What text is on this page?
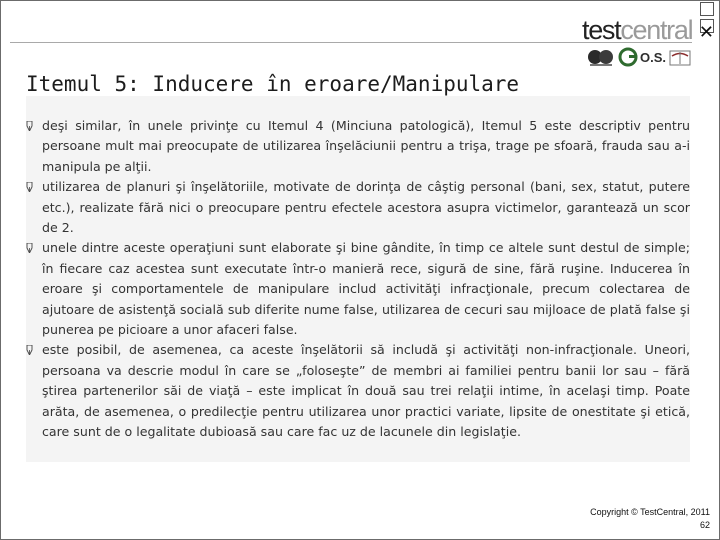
testcentral
O.S.
✕
Itemul 5: Inducere în eroare/Manipulare
deşi similar, în unele privinţe cu Itemul 4 (Minciuna patologică), Itemul 5 este descriptiv pentru persoane mult mai preocupate de utilizarea înşelăciunii pentru a trişa, trage pe sfoară, frauda sau a-i manipula pe alţii.
utilizarea de planuri şi înşelătoriile, motivate de dorinţa de câştig personal (bani, sex, statut, putere etc.), realizate fără nici o preocupare pentru efectele acestora asupra victimelor, garantează un scor de 2.
unele dintre aceste operaţiuni sunt elaborate şi bine gândite, în timp ce altele sunt destul de simple; în fiecare caz acestea sunt executate într-o manieră rece, sigură de sine, fără ruşine. Inducerea în eroare şi comportamentele de manipulare includ activităţi infracţionale, precum colectarea de ajutoare de asistenţă socială sub diferite nume false, utilizarea de cecuri sau mijloace de plată false şi punerea pe picioare a unor afaceri false.
este posibil, de asemenea, ca aceste înşelătorii să includă şi activităţi non-infracţionale. Uneori, persoana va descrie modul în care se „foloseşte” de membri ai familiei pentru banii lor sau – fără ştirea partenerilor săi de viaţă – este implicat în două sau trei relaţii intime, în acelaşi timp. Poate arăta, de asemenea, o predilecţie pentru utilizarea unor practici variate, lipsite de onestitate şi etică, care sunt de o legalitate dubioasă sau care fac uz de lacunele din legislaţie.
Copyright © TestCentral, 2011
62
